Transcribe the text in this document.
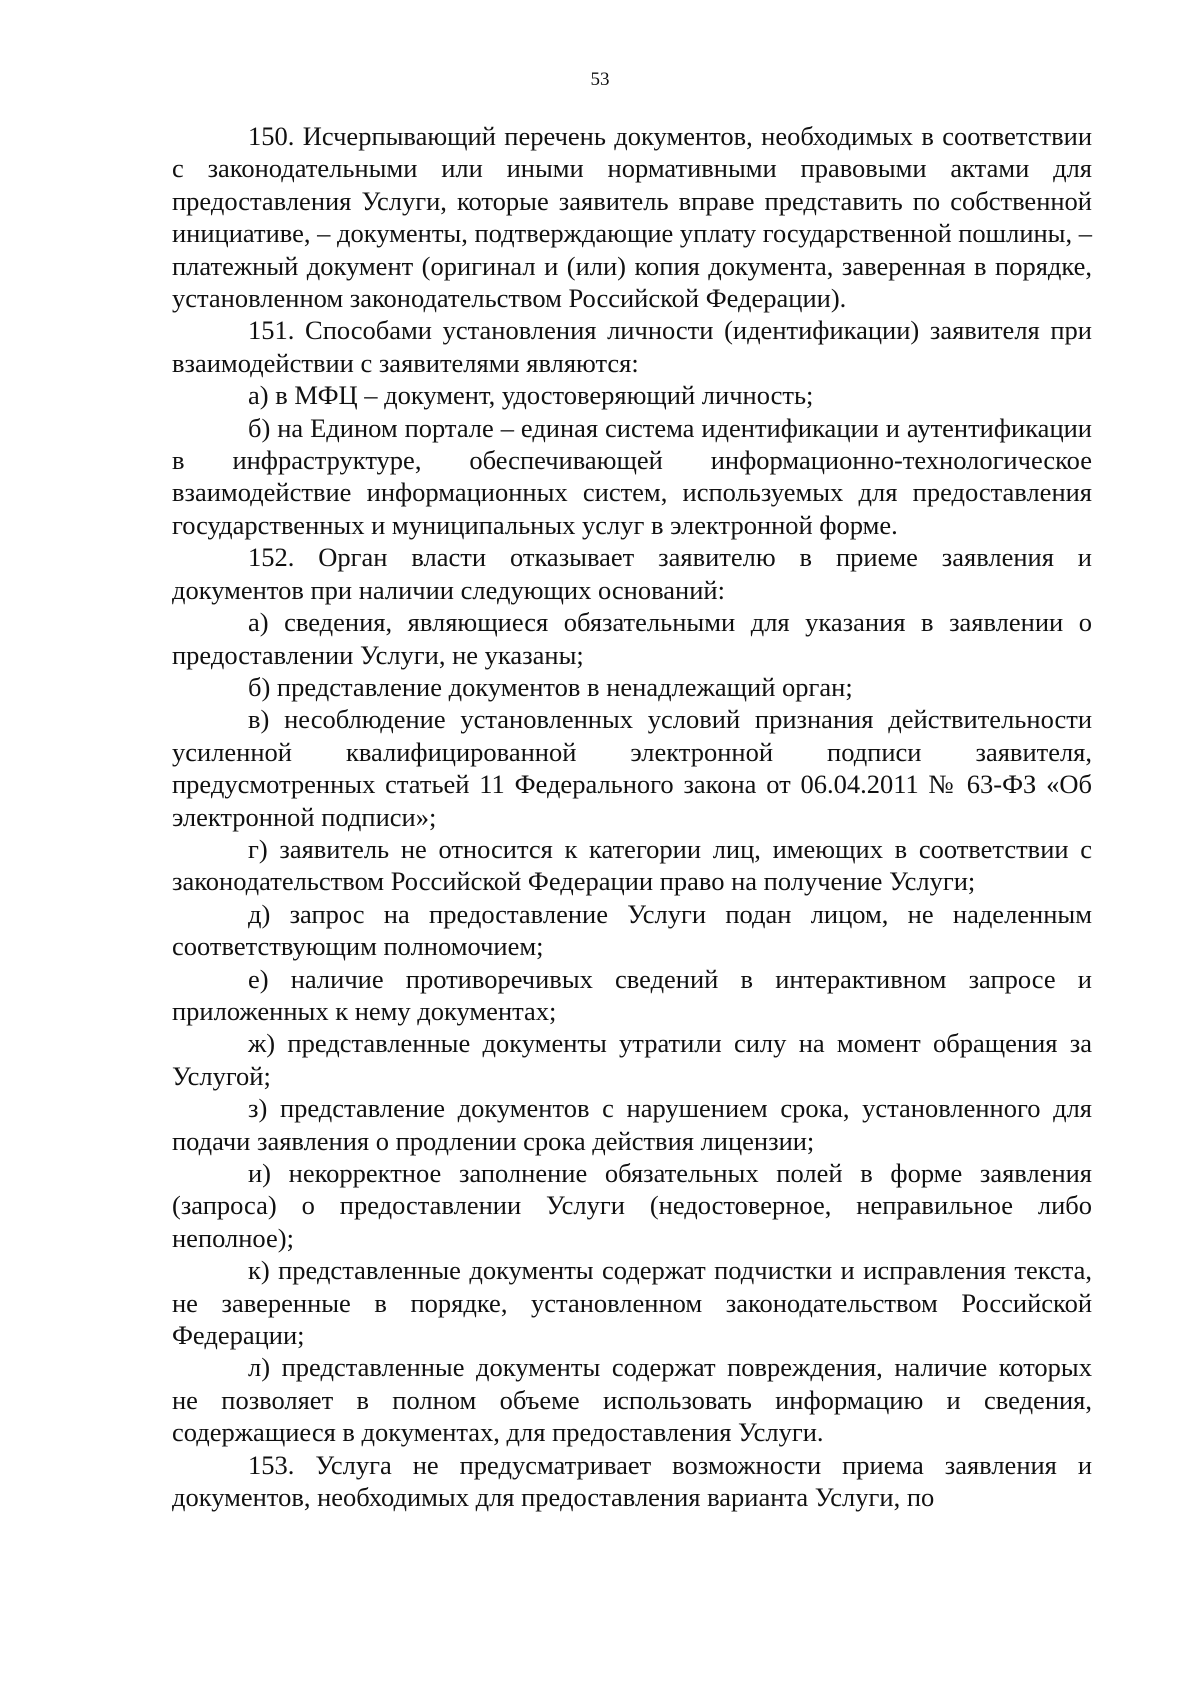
53

150. Исчерпывающий перечень документов, необходимых в соответствии с законодательными или иными нормативными правовыми актами для предоставления Услуги, которые заявитель вправе представить по собственной инициативе, – документы, подтверждающие уплату государственной пошлины, – платежный документ (оригинал и (или) копия документа, заверенная в порядке, установленном законодательством Российской Федерации).

151. Способами установления личности (идентификации) заявителя при взаимодействии с заявителями являются:

а) в МФЦ – документ, удостоверяющий личность;

б) на Едином портале – единая система идентификации и аутентификации в инфраструктуре, обеспечивающей информационно-технологическое взаимодействие информационных систем, используемых для предоставления государственных и муниципальных услуг в электронной форме.

152. Орган власти отказывает заявителю в приеме заявления и документов при наличии следующих оснований:

а) сведения, являющиеся обязательными для указания в заявлении о предоставлении Услуги, не указаны;

б) представление документов в ненадлежащий орган;

в) несоблюдение установленных условий признания действительности усиленной квалифицированной электронной подписи заявителя, предусмотренных статьей 11 Федерального закона от 06.04.2011 № 63-ФЗ «Об электронной подписи»;

г) заявитель не относится к категории лиц, имеющих в соответствии с законодательством Российской Федерации право на получение Услуги;

д) запрос на предоставление Услуги подан лицом, не наделенным соответствующим полномочием;

е) наличие противоречивых сведений в интерактивном запросе и приложенных к нему документах;

ж) представленные документы утратили силу на момент обращения за Услугой;

з) представление документов с нарушением срока, установленного для подачи заявления о продлении срока действия лицензии;

и) некорректное заполнение обязательных полей в форме заявления (запроса) о предоставлении Услуги (недостоверное, неправильное либо неполное);

к) представленные документы содержат подчистки и исправления текста, не заверенные в порядке, установленном законодательством Российской Федерации;

л) представленные документы содержат повреждения, наличие которых не позволяет в полном объеме использовать информацию и сведения, содержащиеся в документах, для предоставления Услуги.

153. Услуга не предусматривает возможности приема заявления и документов, необходимых для предоставления варианта Услуги, по
